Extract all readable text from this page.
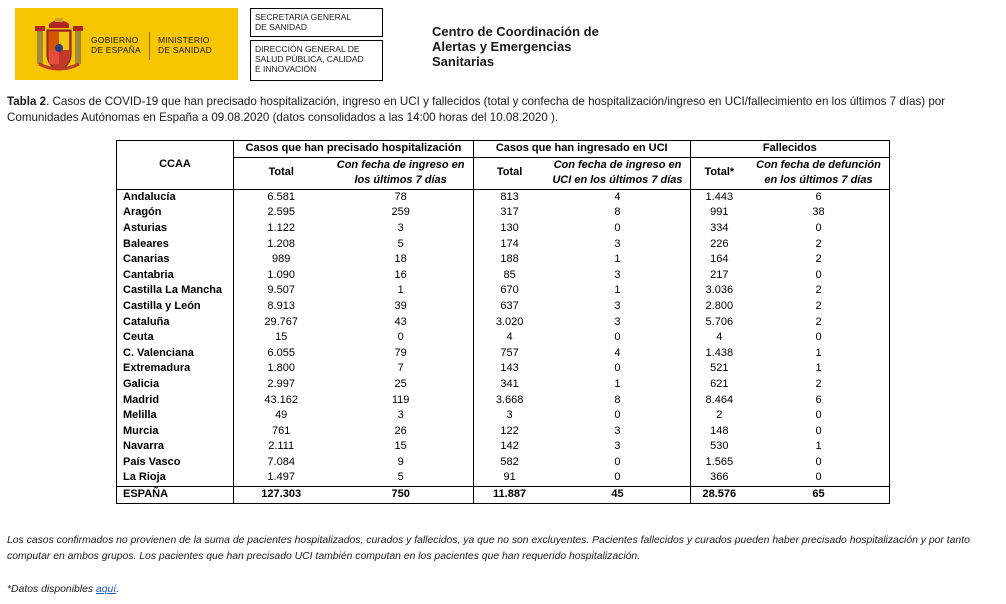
GOBIERNO
DE ESPAÑA
MINISTERIO
DE SANIDAD
SECRETARIA GENERAL
DE SANIDAD
DIRECCIÓN GENERAL DE
SALUD PÚBLICA, CALIDAD
E INNOVACIÓN
Centro de Coordinación de
Alertas y Emergencias
Sanitarias
Tabla 2. Casos de COVID-19 que han precisado hospitalización, ingreso en UCI y fallecidos (total y confecha de hospitalización/ingreso en UCI/fallecimiento en los últimos 7 días) por Comunidades Autónomas en España a 09.08.2020 (datos consolidados a las 14:00 horas del 10.08.2020 ).
CCAA	Casos que han precisado hospitalización		Casos que han ingresado en UCI		Fallecidos	
	Total	Con fecha de ingreso en los últimos 7 días	Total	Con fecha de ingreso en UCI en los últimos 7 días	Total*	Con fecha de defunción en los últimos 7 días
Andalucía	6.581	78	813	4	1.443	6
Aragón	2.595	259	317	8	991	38
Asturias	1.122	3	130	0	334	0
Baleares	1.208	5	174	3	226	2
Canarias	989	18	188	1	164	2
Cantabria	1.090	16	85	3	217	0
Castilla La Mancha	9.507	1	670	1	3.036	2
Castilla y León	8.913	39	637	3	2.800	2
Cataluña	29.767	43	3.020	3	5.706	2
Ceuta	15	0	4	0	4	0
C. Valenciana	6.055	79	757	4	1.438	1
Extremadura	1.800	7	143	0	521	1
Galicia	2.997	25	341	1	621	2
Madrid	43.162	119	3.668	8	8.464	6
Melilla	49	3	3	0	2	0
Murcia	761	26	122	3	148	0
Navarra	2.111	15	142	3	530	1
País Vasco	7.084	9	582	0	1.565	0
La Rioja	1.497	5	91	0	366	0
ESPAÑA	127.303	750	11.887	45	28.576	65
Los casos confirmados no provienen de la suma de pacientes hospitalizados, curados y fallecidos, ya que no son excluyentes. Pacientes fallecidos y curados pueden haber precisado hospitalización y por tanto computar en ambos grupos. Los pacientes que han precisado UCI también computan en los pacientes que han requerido hospitalización.
*Datos disponibles aquí.
